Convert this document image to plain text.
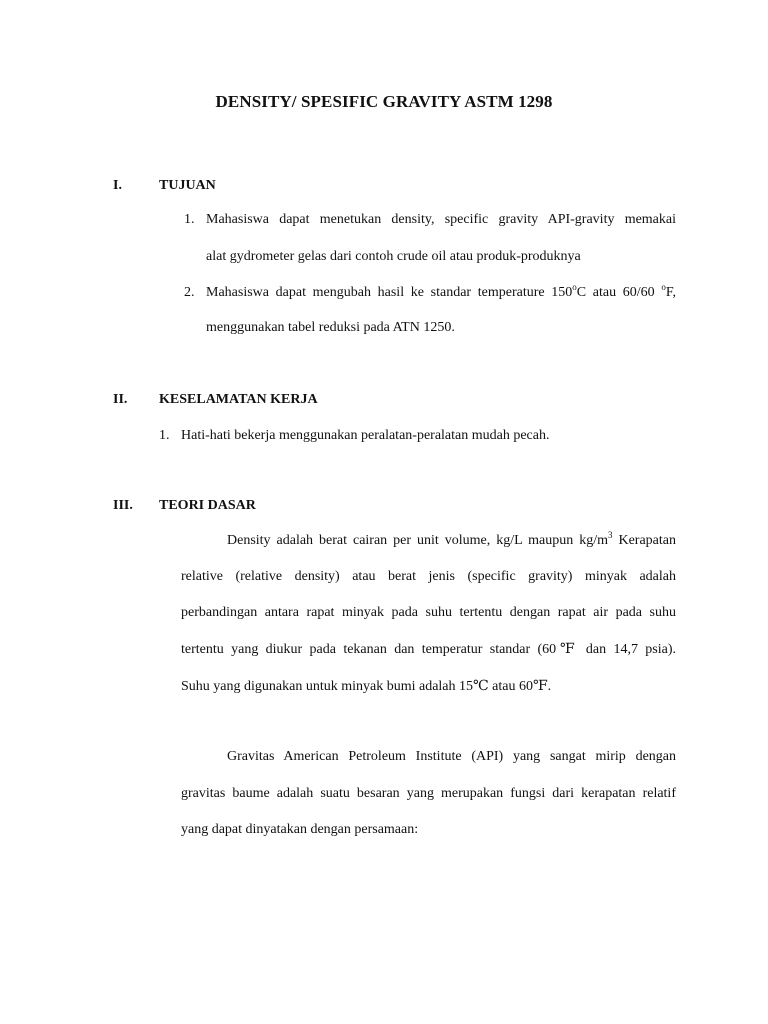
DENSITY/ SPESIFIC GRAVITY ASTM 1298
I.	TUJUAN
1. Mahasiswa dapat menetukan density, specific gravity API-gravity memakai
alat gydrometer gelas dari contoh crude oil atau produk-produknya
2. Mahasiswa dapat mengubah hasil ke standar temperature 150$^o$C atau 60/60 $^o$F,
menggunakan tabel reduksi pada ATN 1250.
II. KESELAMATAN KERJA
1. Hati-hati bekerja menggunakan peralatan-peralatan mudah pecah.
III. TEORI DASAR
Density adalah berat cairan per unit volume, kg/L maupun $kg/m^3$ Kerapatan
relative (relative density) atau berat jenis (specific gravity) minyak adalah
perbandingan antara rapat minyak pada suhu tertentu dengan rapat air pada suhu
tertentu yang diukur pada tekanan dan temperatur standar (60℉ dan 14,7 psia).
Suhu yang digunakan untuk minyak bumi adalah 15℃ atau 60℉.
Gravitas American Petroleum Institute (API) yang sangat mirip dengan
gravitas baume adalah suatu besaran yang merupakan fungsi dari kerapatan relatif
yang dapat dinyatakan dengan persamaan:
